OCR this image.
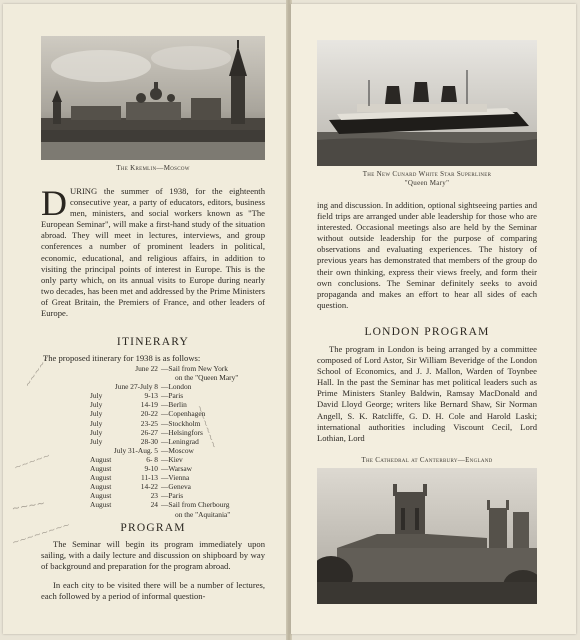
The Kremlin—Moscow
DURING the summer of 1938, for the eighteenth consecutive year, a party of educators, editors, business men, ministers, and social workers known as "The European Seminar", will make a first-hand study of the situation abroad. They will meet in lectures, interviews, and group conferences a number of prominent leaders in political, economic, educational, and religious affairs, in addition to visiting the principal points of interest in Europe. This is the only party which, on its annual visits to Europe during nearly two decades, has been met and addressed by the Prime Ministers of Great Britain, the Premiers of France, and other leaders of Europe.
ITINERARY
The proposed itinerary for 1938 is as follows:
June 22 —Sail from New York
on the "Queen Mary"
June 27-July 8 —London
July	9-13 —Paris
July	14-19 —Berlin
July	20-22 —Copenhagen
July	23-25 —Stockholm
July	26-27 —Helsingfors
July	28-30 —Leningrad
July 31-Aug. 5 —Moscow
August	6- 8 —Kiev
August	9-10 —Warsaw
August	11-13 —Vienna
August	14-22 —Geneva
August	23 —Paris
August	24 —Sail from Cherbourg
on the "Aquitania"
PROGRAM
The Seminar will begin its program immediately upon sailing, with a daily lecture and discussion on shipboard by way of background and preparation for the program abroad.
In each city to be visited there will be a number of lectures, each followed by a period of informal question-
~~~~~
~~~~~~
~~~~~
~~~~
~~~~~~~~
The New Cunard White Star Superliner
"Queen Mary"
ing and discussion. In addition, optional sightseeing parties and field trips are arranged under able leadership for those who are interested. Occasional meetings also are held by the Seminar without outside leadership for the purpose of comparing observations and evaluating experiences. The history of previous years has demonstrated that members of the group do their own thinking, express their views freely, and form their own conclusions. The Seminar definitely seeks to avoid propaganda and makes an effort to hear all sides of each question.
LONDON PROGRAM
The program in London is being arranged by a committee composed of Lord Astor, Sir William Beveridge of the London School of Economics, and J. J. Mallon, Warden of Toynbee Hall. In the past the Seminar has met political leaders such as Prime Ministers Stanley Baldwin, Ramsay MacDonald and David Lloyd George; writers like Bernard Shaw, Sir Norman Angell, S. K. Ratcliffe, G. D. H. Cole and Harold Laski; international authorities including Viscount Cecil, Lord Lothian, Lord
The Cathedral at Canterbury—England
